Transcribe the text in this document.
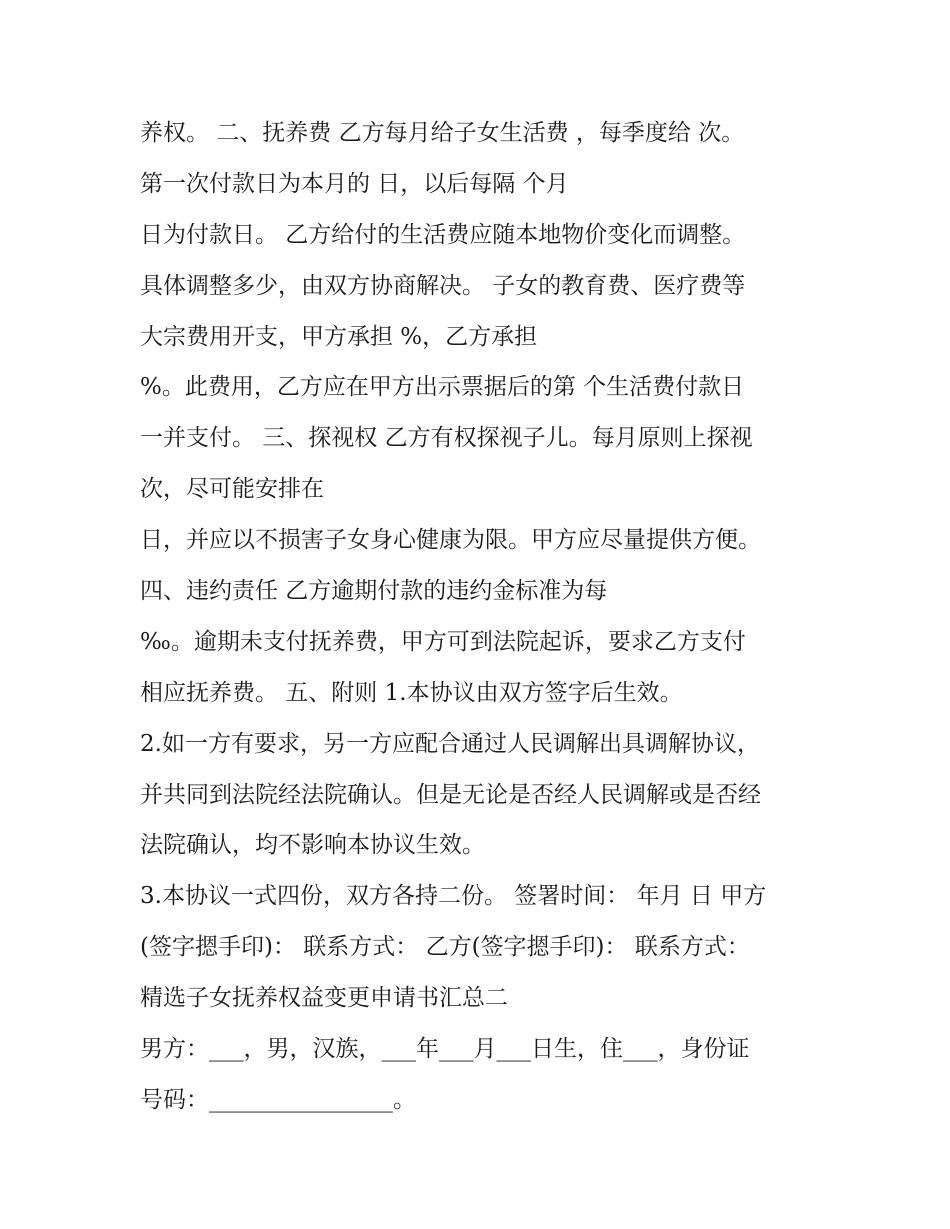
养权。 二、抚养费 乙方每月给子女生活费 ，每季度给 次。
第一次付款日为本月的 日，以后每隔 个月
日为付款日。 乙方给付的生活费应随本地物价变化而调整。
具体调整多少，由双方协商解决。 子女的教育费、医疗费等
大宗费用开支，甲方承担 %，乙方承担
%。此费用，乙方应在甲方出示票据后的第 个生活费付款日
一并支付。 三、探视权 乙方有权探视子儿。每月原则上探视
次，尽可能安排在
日，并应以不损害子女身心健康为限。甲方应尽量提供方便。
四、违约责任 乙方逾期付款的违约金标准为每
‰。逾期未支付抚养费，甲方可到法院起诉，要求乙方支付
相应抚养费。 五、附则 1.本协议由双方签字后生效。
2.如一方有要求，另一方应配合通过人民调解出具调解协议，
并共同到法院经法院确认。但是无论是否经人民调解或是否经
法院确认，均不影响本协议生效。
3.本协议一式四份，双方各持二份。 签署时间： 年月 日 甲方
(签字摁手印)： 联系方式： 乙方(签字摁手印)： 联系方式：
精选子女抚养权益变更申请书汇总二
男方：___，男，汉族，___年___月___日生，住___，身份证
号码：________________。
